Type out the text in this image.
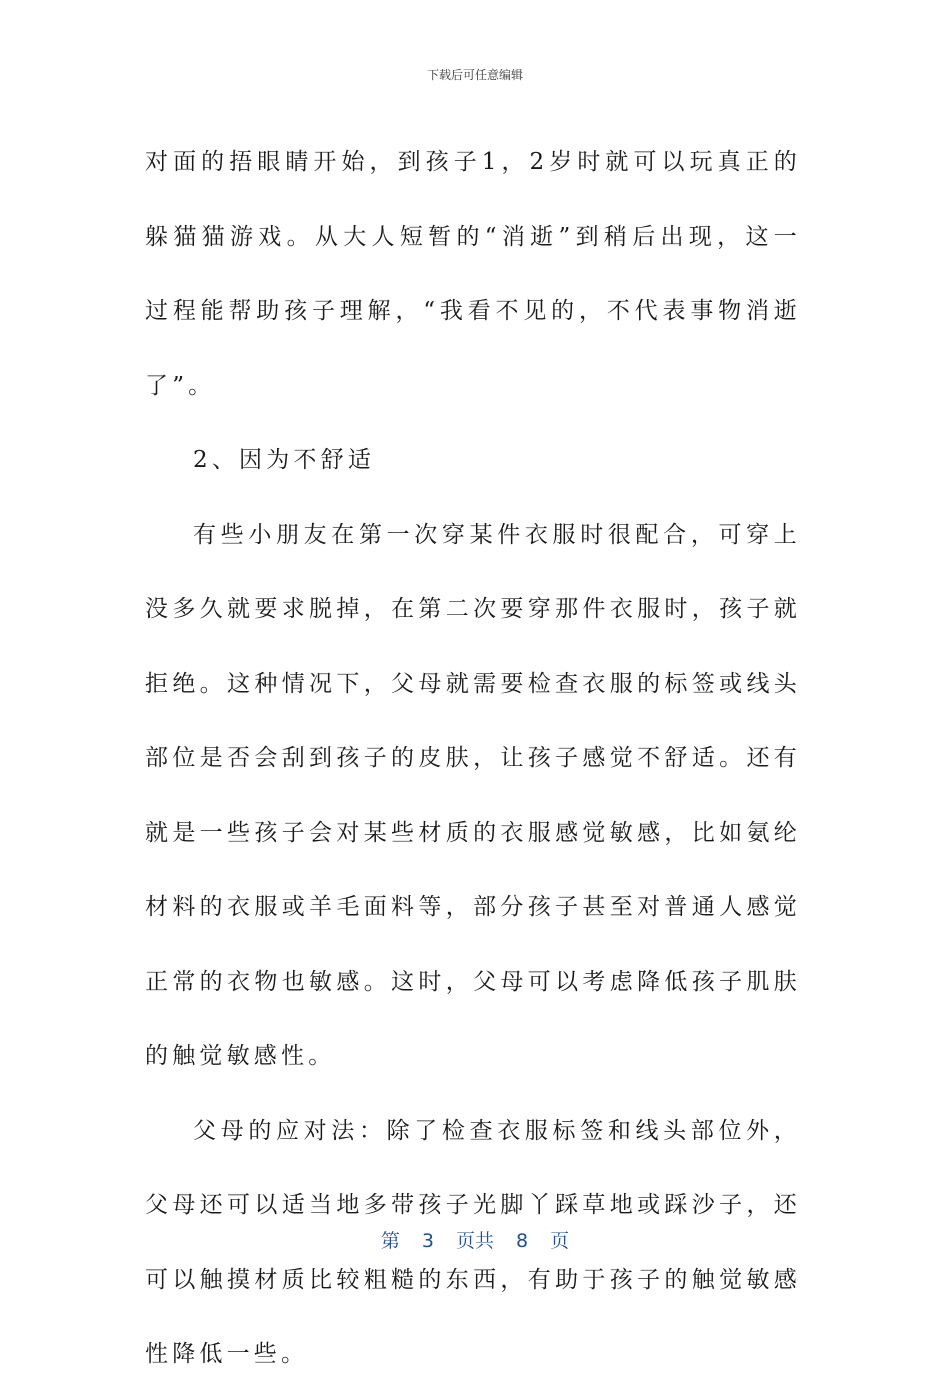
下载后可任意编辑

对面的捂眼睛开始，到孩子1，2岁时就可以玩真正的躲猫猫游戏。从大人短暂的“消逝”到稍后出现，这一过程能帮助孩子理解，“我看不见的，不代表事物消逝了”。

2、因为不舒适

有些小朋友在第一次穿某件衣服时很配合，可穿上没多久就要求脱掉，在第二次要穿那件衣服时，孩子就拒绝。这种情况下，父母就需要检查衣服的标签或线头部位是否会刮到孩子的皮肤，让孩子感觉不舒适。还有就是一些孩子会对某些材质的衣服感觉敏感，比如氨纶材料的衣服或羊毛面料等，部分孩子甚至对普通人感觉正常的衣物也敏感。这时，父母可以考虑降低孩子肌肤的触觉敏感性。

父母的应对法：除了检查衣服标签和线头部位外，父母还可以适当地多带孩子光脚丫踩草地或踩沙子，还可以触摸材质比较粗糙的东西，有助于孩子的触觉敏感性降低一些。

第 3 页共 8 页
